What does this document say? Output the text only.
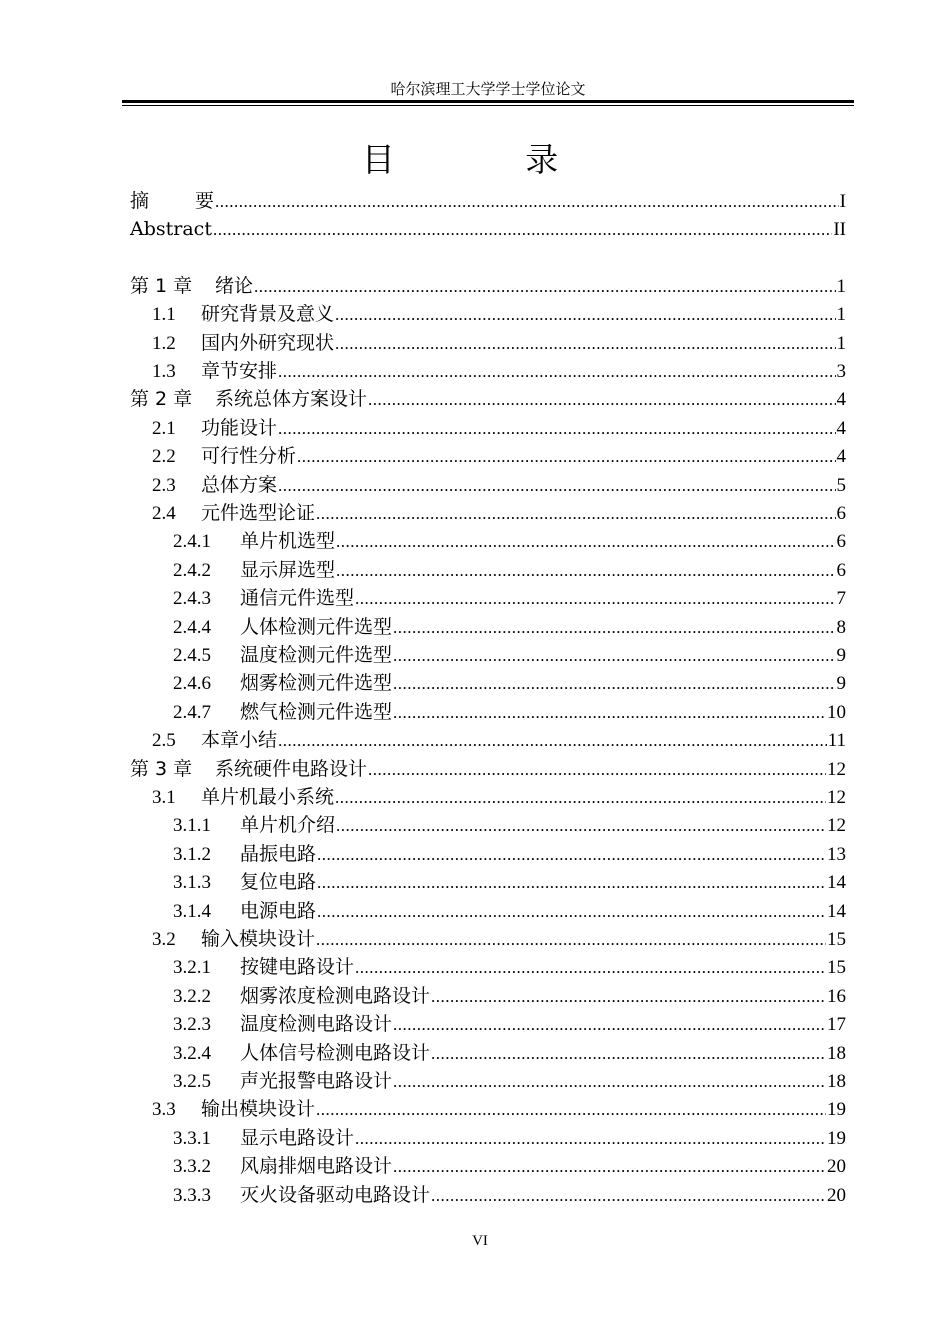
哈尔滨理工大学学士学位论文
目 录
摘 要 .....	I
Abstract .....	II
第 1 章	绪论 .....	1
1.1	研究背景及意义 .....	1
1.2	国内外研究现状 .....	1
1.3	章节安排 .....	3
第 2 章	系统总体方案设计 .....	4
2.1	功能设计 .....	4
2.2	可行性分析 .....	4
2.3	总体方案 .....	5
2.4	元件选型论证 .....	6
2.4.1	单片机选型 .....	6
2.4.2	显示屏选型 .....	6
2.4.3	通信元件选型 .....	7
2.4.4	人体检测元件选型 .....	8
2.4.5	温度检测元件选型 .....	9
2.4.6	烟雾检测元件选型 .....	9
2.4.7	燃气检测元件选型 .....	10
2.5	本章小结 .....	11
第 3 章	系统硬件电路设计 .....	12
3.1	单片机最小系统 .....	12
3.1.1	单片机介绍 .....	12
3.1.2	晶振电路 .....	13
3.1.3	复位电路 .....	14
3.1.4	电源电路 .....	14
3.2	输入模块设计 .....	15
3.2.1	按键电路设计 .....	15
3.2.2	烟雾浓度检测电路设计 .....	16
3.2.3	温度检测电路设计 .....	17
3.2.4	人体信号检测电路设计 .....	18
3.2.5	声光报警电路设计 .....	18
3.3	输出模块设计 .....	19
3.3.1	显示电路设计 .....	19
3.3.2	风扇排烟电路设计 .....	20
3.3.3	灭火设备驱动电路设计 .....	20
VI
